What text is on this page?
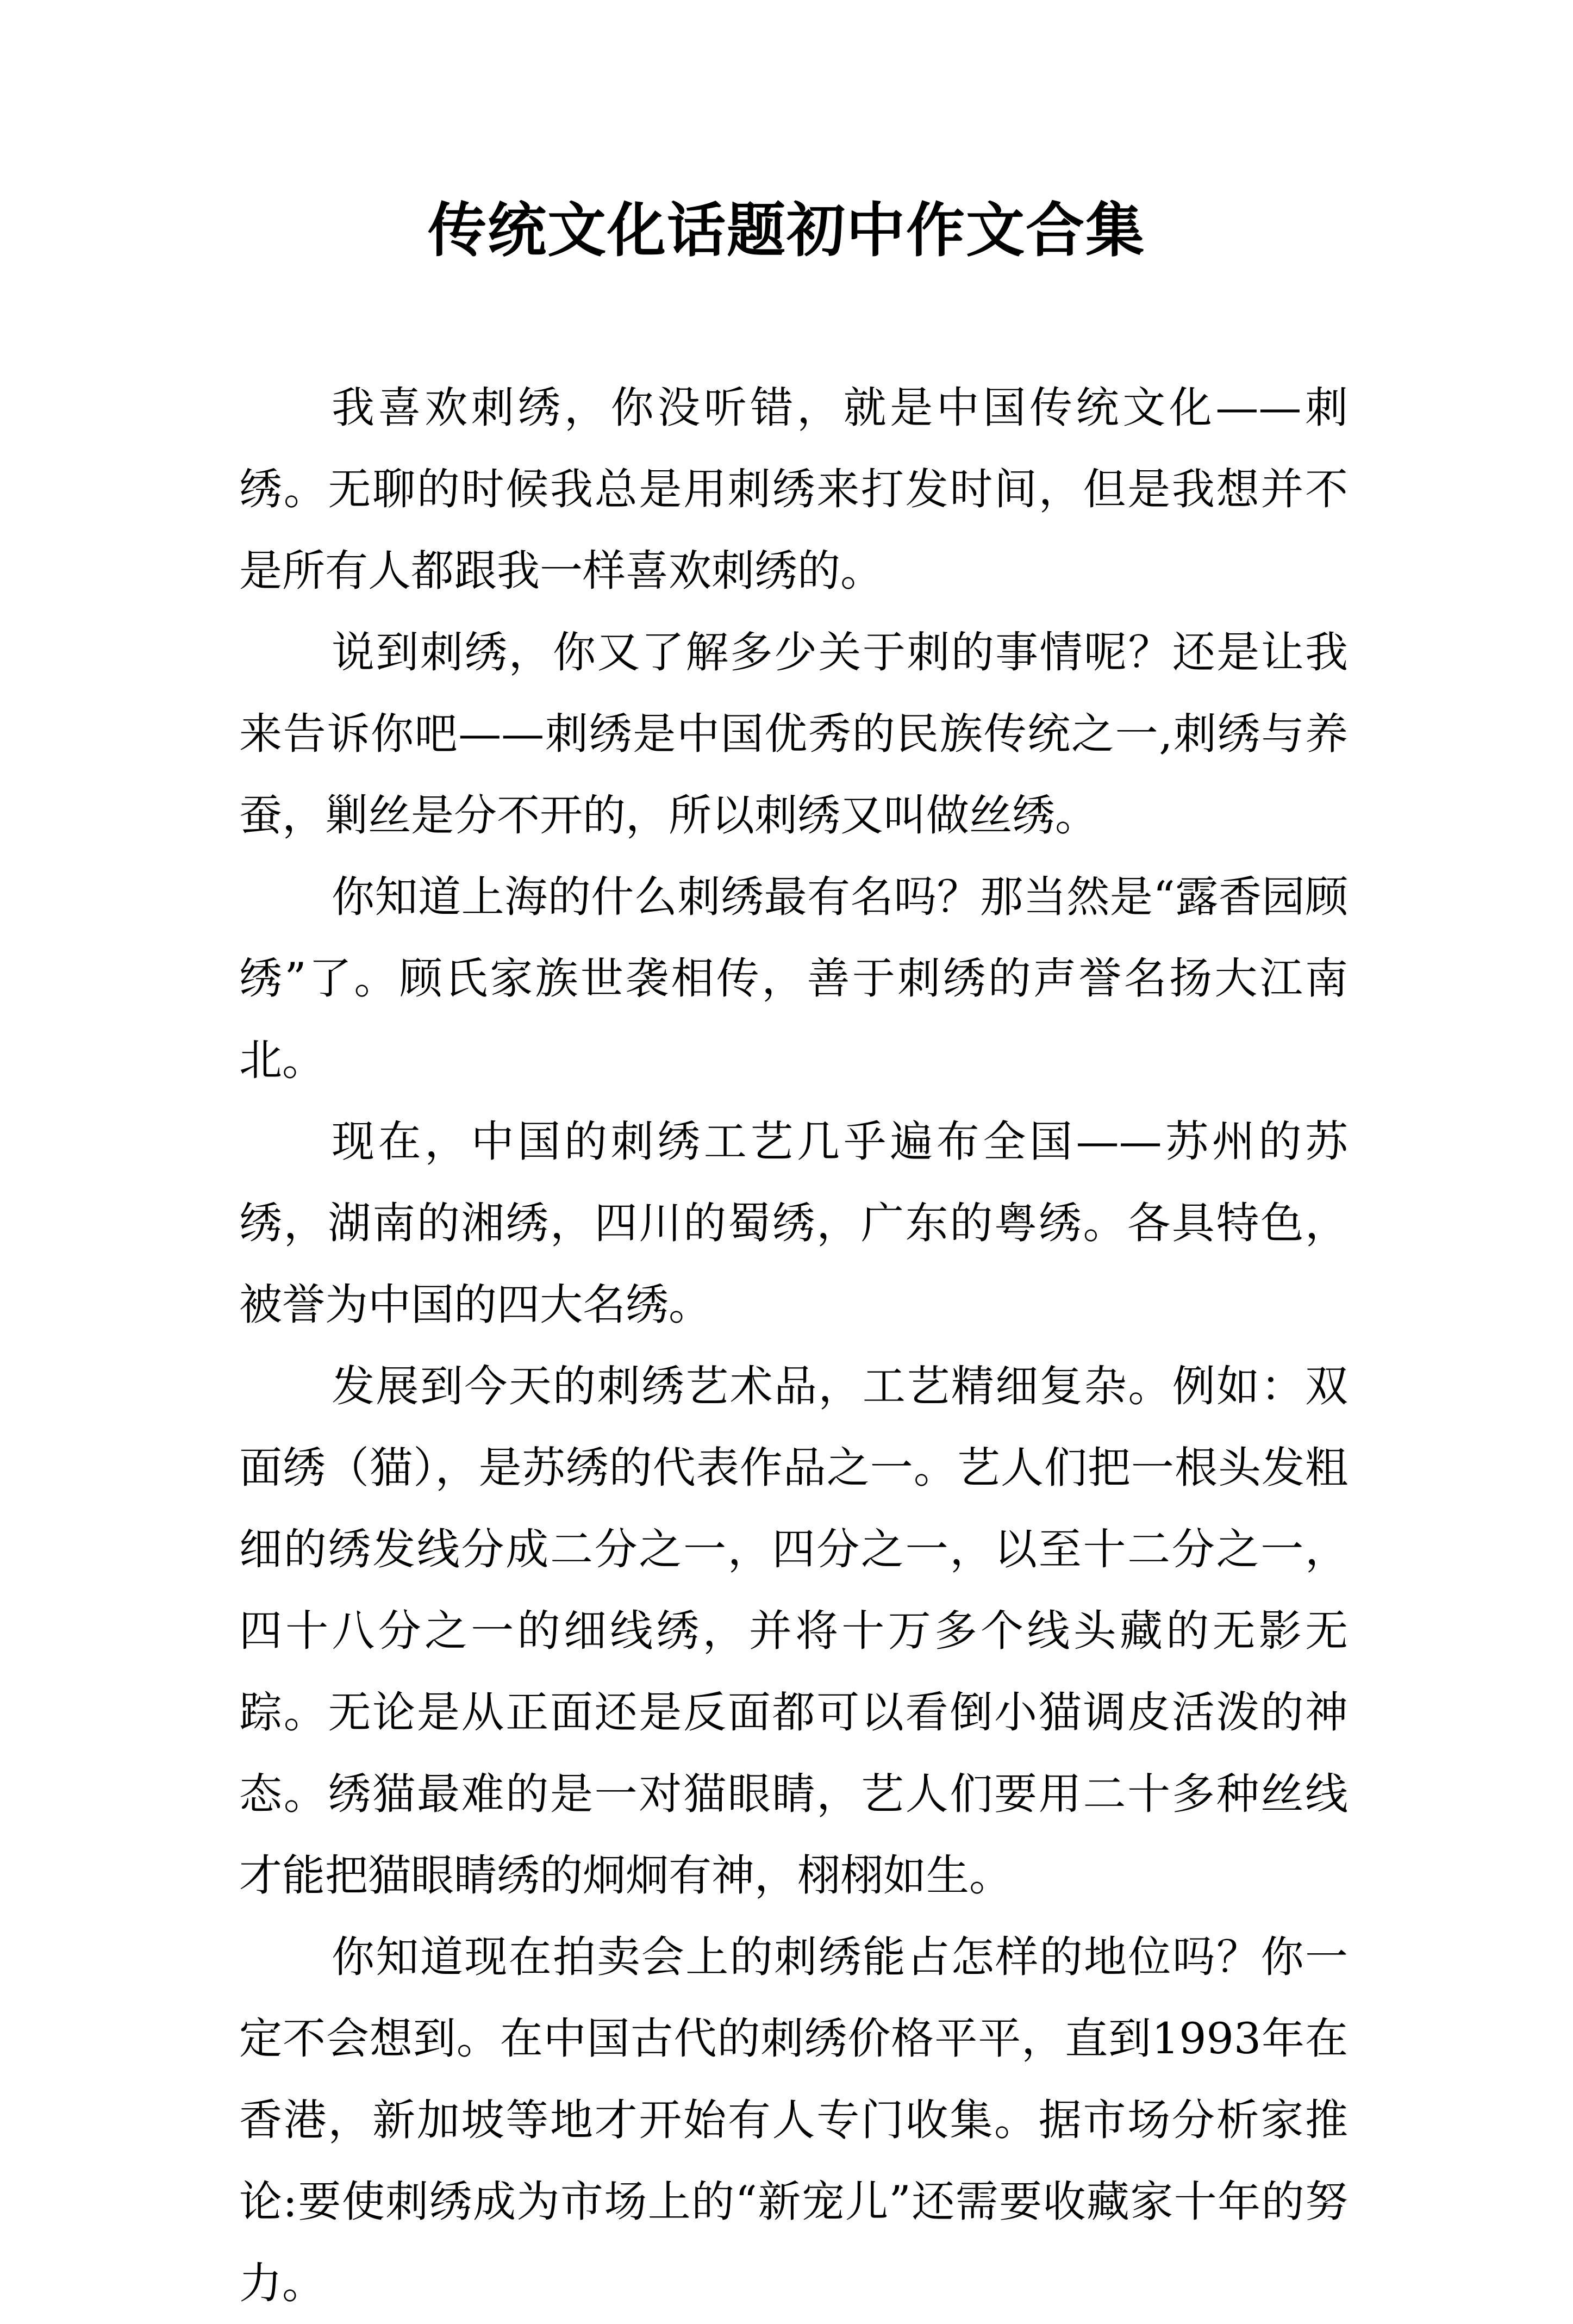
传统文化话题初中作文合集

我喜欢刺绣，你没听错，就是中国传统文化——刺绣。无聊的时候我总是用刺绣来打发时间，但是我想并不是所有人都跟我一样喜欢刺绣的。

说到刺绣，你又了解多少关于刺的事情呢？还是让我来告诉你吧——刺绣是中国优秀的民族传统之一,刺绣与养蚕，剿丝是分不开的，所以刺绣又叫做丝绣。

你知道上海的什么刺绣最有名吗？那当然是“露香园顾绣”了。顾氏家族世袭相传，善于刺绣的声誉名扬大江南北。

现在，中国的刺绣工艺几乎遍布全国——苏州的苏绣，湖南的湘绣，四川的蜀绣，广东的粤绣。各具特色，被誉为中国的四大名绣。

发展到今天的刺绣艺术品，工艺精细复杂。例如：双面绣（猫），是苏绣的代表作品之一。艺人们把一根头发粗细的绣发线分成二分之一，四分之一，以至十二分之一，四十八分之一的细线绣，并将十万多个线头藏的无影无踪。无论是从正面还是反面都可以看倒小猫调皮活泼的神态。绣猫最难的是一对猫眼睛，艺人们要用二十多种丝线才能把猫眼睛绣的炯炯有神，栩栩如生。

你知道现在拍卖会上的刺绣能占怎样的地位吗？你一定不会想到。在中国古代的刺绣价格平平，直到1993年在香港，新加坡等地才开始有人专门收集。据市场分析家推论:要使刺绣成为市场上的“新宠儿”还需要收藏家十年的努力。
